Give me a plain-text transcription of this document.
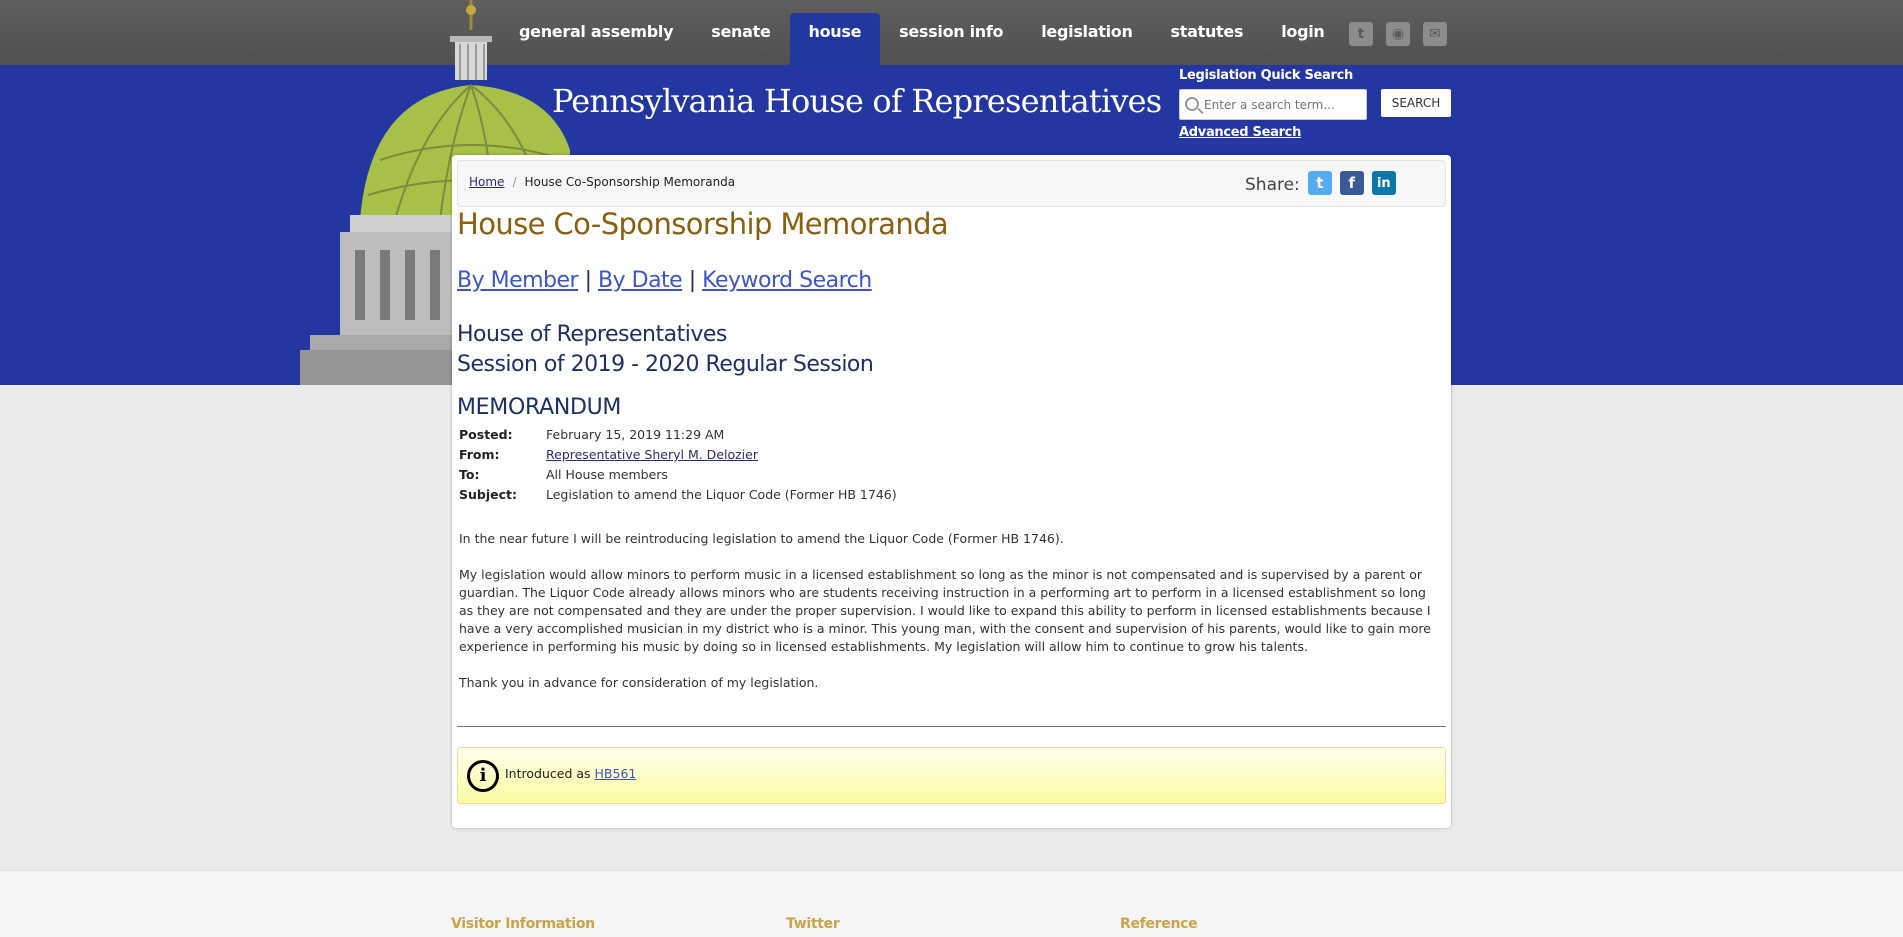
general assembly	senate	house	session info	legislation	statutes	login	t	◉	✉
Pennsylvania House of Representatives
Legislation Quick Search
Enter a search term...
SEARCH
Advanced Search
Home / House Co-Sponsorship Memoranda	Share:	t	f	in
House Co-Sponsorship Memoranda
By Member | By Date | Keyword Search
House of Representatives
Session of 2019 - 2020 Regular Session
MEMORANDUM
Posted:	February 15, 2019 11:29 AM
From:	Representative Sheryl M. Delozier
To:	All House members
Subject:	Legislation to amend the Liquor Code (Former HB 1746)

In the near future I will be reintroducing legislation to amend the Liquor Code (Former HB 1746).

My legislation would allow minors to perform music in a licensed establishment so long as the minor is not compensated and is supervised by a parent or guardian. The Liquor Code already allows minors who are students receiving instruction in a performing art to perform in a licensed establishment so long as they are not compensated and they are under the proper supervision. I would like to expand this ability to perform in licensed establishments because I have a very accomplished musician in my district who is a minor. This young man, with the consent and supervision of his parents, would like to gain more experience in performing his music by doing so in licensed establishments. My legislation will allow him to continue to grow his talents.

Thank you in advance for consideration of my legislation.

i	Introduced as HB561
Visitor Information	Twitter	Reference
